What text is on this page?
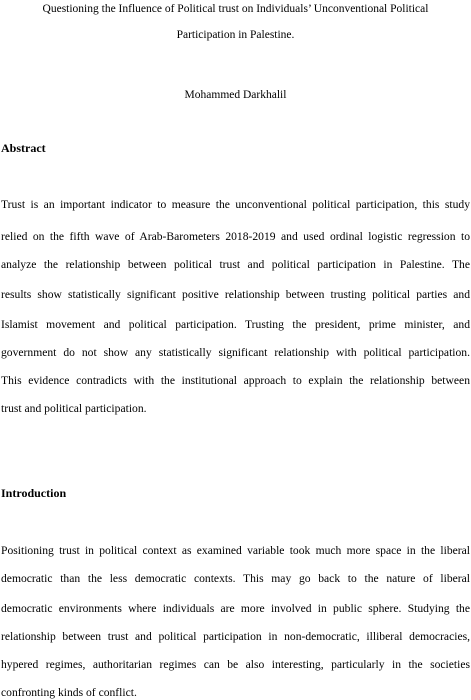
Questioning the Influence of Political trust on Individuals’ Unconventional Political
Participation in Palestine.
Mohammed Darkhalil
Abstract
Trust is an important indicator to measure the unconventional political participation, this study
relied on the fifth wave of Arab-Barometers 2018-2019 and used ordinal logistic regression to
analyze the relationship between political trust and political participation in Palestine. The
results show statistically significant positive relationship between trusting political parties and
Islamist movement and political participation. Trusting the president, prime minister, and
government do not show any statistically significant relationship with political participation.
This evidence contradicts with the institutional approach to explain the relationship between
trust and political participation.
Introduction
Positioning trust in political context as examined variable took much more space in the liberal
democratic than the less democratic contexts. This may go back to the nature of liberal
democratic environments where individuals are more involved in public sphere. Studying the
relationship between trust and political participation in non-democratic, illiberal democracies,
hypered regimes, authoritarian regimes can be also interesting, particularly in the societies
confronting kinds of conflict.
